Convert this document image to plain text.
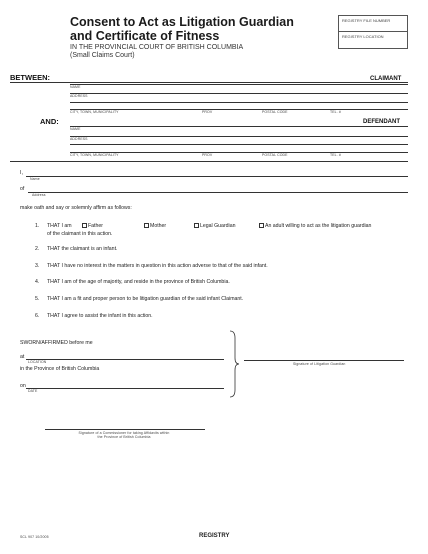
Consent to Act as Litigation Guardian
and Certificate of Fitness
IN THE PROVINCIAL COURT OF BRITISH COLUMBIA
(Small Claims Court)
REGISTRY FILE NUMBER
REGISTRY LOCATION
BETWEEN:	CLAIMANT
NAME
ADDRESS
CITY, TOWN, MUNICIPALITY	PROV	POSTAL CODE	TEL. #
AND:	DEFENDANT
NAME
ADDRESS
CITY, TOWN, MUNICIPALITY	PROV	POSTAL CODE	TEL. #
I,
Name
of
Address
make oath and say or solemnly affirm as follows:
1. THAT I am	Father	Mother	Legal Guardian	An adult willing to act as the litigation guardian
of the claimant in this action.
2. THAT the claimant is an infant.
3. THAT I have no interest in the matters in question in this action adverse to that of the said infant.
4. THAT I am of the age of majority, and reside in the province of British Columbia.
5. THAT I am a fit and proper person to be litigation guardian of the said infant Claimant.
6. THAT I agree to assist the infant in this action.
SWORN/AFFIRMED before me
at
LOCATION
in the Province of British Columbia
on
DATE
Signature of Litigation Guardian
Signature of a Commissioner for taking Affidavits within
the Province of British Columbia
SCL 907 10/2005	REGISTRY
